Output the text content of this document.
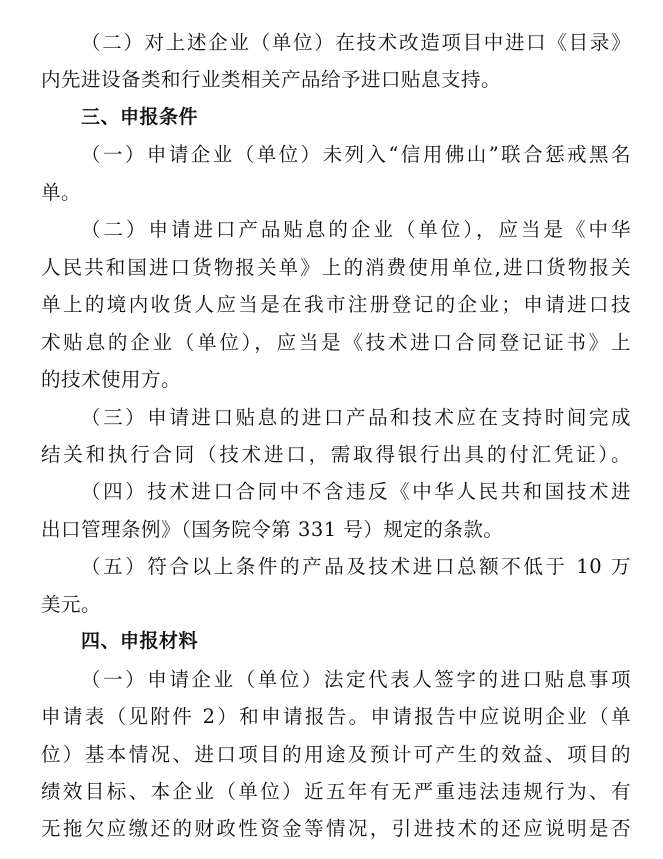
（二）对上述企业（单位）在技术改造项目中进口《目录》
内先进设备类和行业类相关产品给予进口贴息支持。
三、申报条件
（一）申请企业（单位）未列入“信用佛山”联合惩戒黑名
单。
（二）申请进口产品贴息的企业（单位），应当是《中华
人民共和国进口货物报关单》上的消费使用单位,进口货物报关
单上的境内收货人应当是在我市注册登记的企业；申请进口技
术贴息的企业（单位），应当是《技术进口合同登记证书》上
的技术使用方。
（三）申请进口贴息的进口产品和技术应在支持时间完成
结关和执行合同（技术进口，需取得银行出具的付汇凭证）。
（四）技术进口合同中不含违反《中华人民共和国技术进
出口管理条例》（国务院令第 331 号）规定的条款。
（五）符合以上条件的产品及技术进口总额不低于 10 万
美元。
四、申报材料
（一）申请企业（单位）法定代表人签字的进口贴息事项
申请表（见附件 2）和申请报告。申请报告中应说明企业（单
位）基本情况、进口项目的用途及预计可产生的效益、项目的
绩效目标、本企业（单位）近五年有无严重违法违规行为、有
无拖欠应缴还的财政性资金等情况，引进技术的还应说明是否
